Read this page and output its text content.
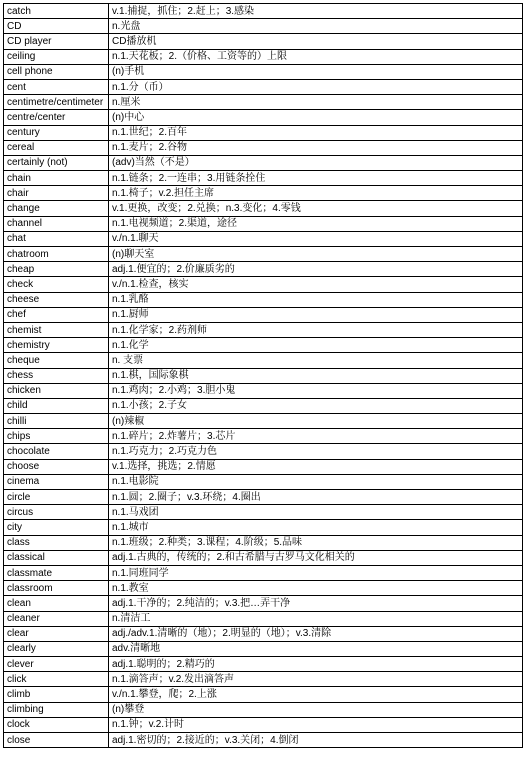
catch	v.1.捕捉，抓住；2.赶上；3.感染
CD	n.光盘
CD player	CD播放机
ceiling	n.1.天花板；2.（价格、工资等的）上限
cell phone	(n)手机
cent	n.1.分（币）
centimetre/centimeter	n.厘米
centre/center	(n)中心
century	n.1.世纪；2.百年
cereal	n.1.麦片；2.谷物
certainly (not)	(adv)当然（不是）
chain	n.1.链条；2.一连串；3.用链条拴住
chair	n.1.椅子；v.2.担任主席
change	v.1.更换，改变；2.兑换；n.3.变化；4.零钱
channel	n.1.电视频道；2.渠道，途径
chat	v./n.1.聊天
chatroom	(n)聊天室
cheap	adj.1.便宜的；2.价廉质劣的
check	v./n.1.检查，核实
cheese	n.1.乳酪
chef	n.1.厨师
chemist	n.1.化学家；2.药剂师
chemistry	n.1.化学
cheque	n. 支票
chess	n.1.棋，国际象棋
chicken	n.1.鸡肉；2.小鸡；3.胆小鬼
child	n.1.小孩；2.子女
chilli	(n)辣椒
chips	n.1.碎片；2.炸薯片；3.芯片
chocolate	n.1.巧克力；2.巧克力色
choose	v.1.选择，挑选；2.情愿
cinema	n.1.电影院
circle	n.1.圆；2.圈子；v.3.环绕；4.圈出
circus	n.1.马戏团
city	n.1.城市
class	n.1.班级；2.种类；3.课程；4.阶级；5.品味
classical	adj.1.古典的，传统的；2.和古希腊与古罗马文化相关的
classmate	n.1.同班同学
classroom	n.1.教室
clean	adj.1.干净的；2.纯洁的；v.3.把…弄干净
cleaner	n.清洁工
clear	adj./adv.1.清晰的（地）；2.明显的（地）；v.3.清除
clearly	adv.清晰地
clever	adj.1.聪明的；2.精巧的
click	n.1.滴答声；v.2.发出滴答声
climb	v./n.1.攀登，爬；2.上涨
climbing	(n)攀登
clock	n.1.钟；v.2.计时
close	adj.1.密切的；2.接近的；v.3.关闭；4.倒闭
